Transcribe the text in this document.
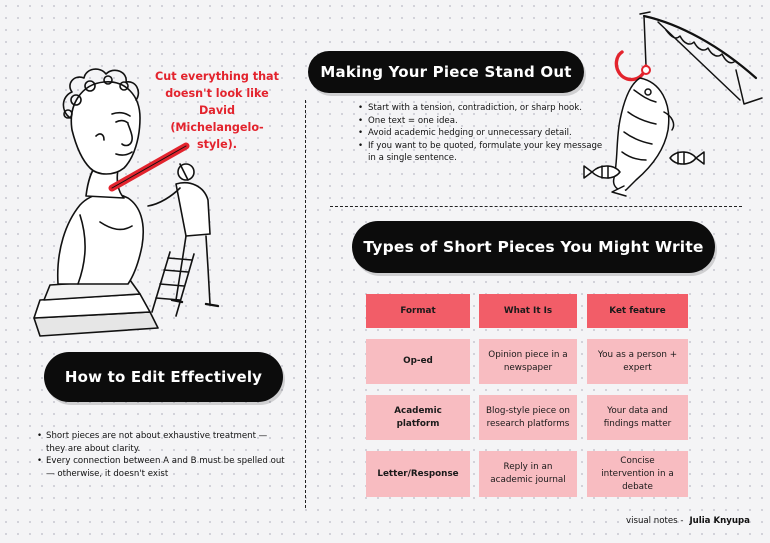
Cut everything that
doesn't look like David
(Michelangelo-style).
Making Your Piece Stand Out
• Start with a tension, contradiction, or sharp hook.
• One text = one idea.
• Avoid academic hedging or unnecessary detail.
• If you want to be quoted, formulate your key message in a single sentence.
Types of Short Pieces You Might Write
Format	What It Is	Ket feature
Op-ed
Opinion piece in a newspaper
You as a person + expert
Academic platform
Blog-style piece on research platforms
Your data and findings matter
Letter/Response
Reply in an academic journal
Concise intervention in a debate
How to Edit Effectively
• Short pieces are not about exhaustive treatment — they are about clarity.
• Every connection between A and B must be spelled out — otherwise, it doesn't exist
visual notes - Julia Knyupa
